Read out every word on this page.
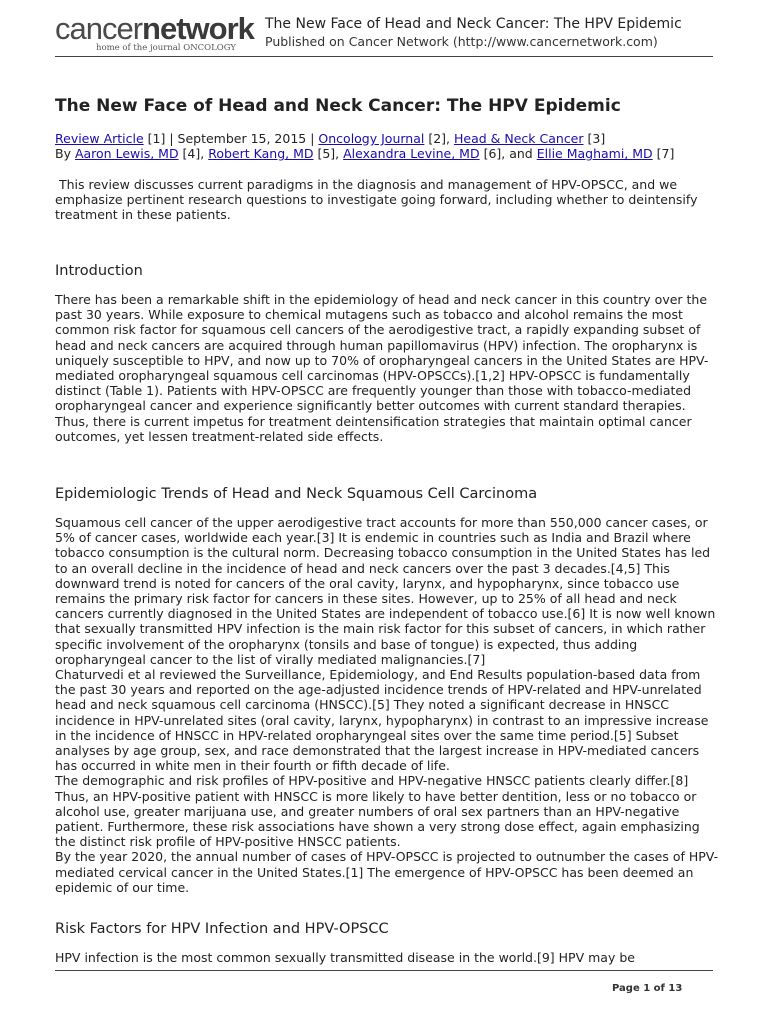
cancernetwork
home of the journal ONCOLOGY
The New Face of Head and Neck Cancer: The HPV Epidemic
Published on Cancer Network (http://www.cancernetwork.com)
The New Face of Head and Neck Cancer: The HPV Epidemic
Review Article [1] | September 15, 2015 | Oncology Journal [2], Head & Neck Cancer [3]
By Aaron Lewis, MD [4], Robert Kang, MD [5], Alexandra Levine, MD [6], and Ellie Maghami, MD [7]
This review discusses current paradigms in the diagnosis and management of HPV-OPSCC, and we emphasize pertinent research questions to investigate going forward, including whether to deintensify treatment in these patients.
Introduction

There has been a remarkable shift in the epidemiology of head and neck cancer in this country over the past 30 years. While exposure to chemical mutagens such as tobacco and alcohol remains the most common risk factor for squamous cell cancers of the aerodigestive tract, a rapidly expanding subset of head and neck cancers are acquired through human papillomavirus (HPV) infection. The oropharynx is uniquely susceptible to HPV, and now up to 70% of oropharyngeal cancers in the United States are HPV-mediated oropharyngeal squamous cell carcinomas (HPV-OPSCCs).[1,2] HPV-OPSCC is fundamentally distinct (Table 1). Patients with HPV-OPSCC are frequently younger than those with tobacco-mediated oropharyngeal cancer and experience significantly better outcomes with current standard therapies. Thus, there is current impetus for treatment deintensification strategies that maintain optimal cancer outcomes, yet lessen treatment-related side effects.

Epidemiologic Trends of Head and Neck Squamous Cell Carcinoma

Squamous cell cancer of the upper aerodigestive tract accounts for more than 550,000 cancer cases, or 5% of cancer cases, worldwide each year.[3] It is endemic in countries such as India and Brazil where tobacco consumption is the cultural norm. Decreasing tobacco consumption in the United States has led to an overall decline in the incidence of head and neck cancers over the past 3 decades.[4,5] This downward trend is noted for cancers of the oral cavity, larynx, and hypopharynx, since tobacco use remains the primary risk factor for cancers in these sites. However, up to 25% of all head and neck cancers currently diagnosed in the United States are independent of tobacco use.[6] It is now well known that sexually transmitted HPV infection is the main risk factor for this subset of cancers, in which rather specific involvement of the oropharynx (tonsils and base of tongue) is expected, thus adding oropharyngeal cancer to the list of virally mediated malignancies.[7]

Chaturvedi et al reviewed the Surveillance, Epidemiology, and End Results population-based data from the past 30 years and reported on the age-adjusted incidence trends of HPV-related and HPV-unrelated head and neck squamous cell carcinoma (HNSCC).[5] They noted a significant decrease in HNSCC incidence in HPV-unrelated sites (oral cavity, larynx, hypopharynx) in contrast to an impressive increase in the incidence of HNSCC in HPV-related oropharyngeal sites over the same time period.[5] Subset analyses by age group, sex, and race demonstrated that the largest increase in HPV-mediated cancers has occurred in white men in their fourth or fifth decade of life.

The demographic and risk profiles of HPV-positive and HPV-negative HNSCC patients clearly differ.[8] Thus, an HPV-positive patient with HNSCC is more likely to have better dentition, less or no tobacco or alcohol use, greater marijuana use, and greater numbers of oral sex partners than an HPV-negative patient. Furthermore, these risk associations have shown a very strong dose effect, again emphasizing the distinct risk profile of HPV-positive HNSCC patients.

By the year 2020, the annual number of cases of HPV-OPSCC is projected to outnumber the cases of HPV-mediated cervical cancer in the United States.[1] The emergence of HPV-OPSCC has been deemed an epidemic of our time.

Risk Factors for HPV Infection and HPV-OPSCC

HPV infection is the most common sexually transmitted disease in the world.[9] HPV may be

Page 1 of 13
